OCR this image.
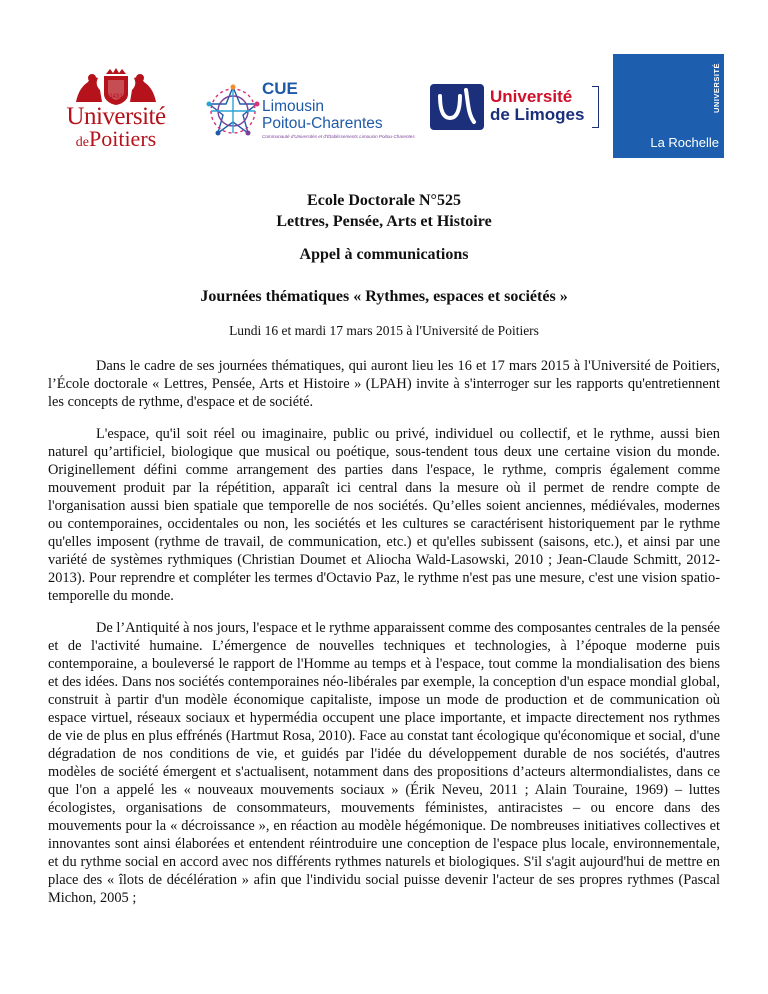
1431
Université
dePoitiers
CUE
Limousin
Poitou-Charentes
Communauté d'Universités et d'Établissements Limousin Poitou-Charentes
Université
de Limoges
UNIVERSITÉ
La Rochelle
Ecole Doctorale N°525
Lettres, Pensée, Arts et Histoire
Appel à communications
Journées thématiques « Rythmes, espaces et sociétés »
Lundi 16 et mardi 17 mars 2015 à l'Université de Poitiers

Dans le cadre de ses journées thématiques, qui auront lieu les 16 et 17 mars 2015 à l'Université de Poitiers, l’École doctorale « Lettres, Pensée, Arts et Histoire » (LPAH) invite à s'interroger sur les rapports qu'entretiennent les concepts de rythme, d'espace et de société.

L'espace, qu'il soit réel ou imaginaire, public ou privé, individuel ou collectif, et le rythme, aussi bien naturel qu’artificiel, biologique que musical ou poétique, sous-tendent tous deux une certaine vision du monde. Originellement défini comme arrangement des parties dans l'espace, le rythme, compris également comme mouvement produit par la répétition, apparaît ici central dans la mesure où il permet de rendre compte de l'organisation aussi bien spatiale que temporelle de nos sociétés. Qu’elles soient anciennes, médiévales, modernes ou contemporaines, occidentales ou non, les sociétés et les cultures se caractérisent historiquement par le rythme qu'elles imposent (rythme de travail, de communication, etc.) et qu'elles subissent (saisons, etc.), et ainsi par une variété de systèmes rythmiques (Christian Doumet et Aliocha Wald-Lasowski, 2010 ; Jean-Claude Schmitt, 2012-2013). Pour reprendre et compléter les termes d'Octavio Paz, le rythme n'est pas une mesure, c'est une vision spatio-temporelle du monde.

De l’Antiquité à nos jours, l'espace et le rythme apparaissent comme des composantes centrales de la pensée et de l'activité humaine. L’émergence de nouvelles techniques et technologies, à l’époque moderne puis contemporaine, a bouleversé le rapport de l'Homme au temps et à l'espace, tout comme la mondialisation des biens et des idées. Dans nos sociétés contemporaines néo-libérales par exemple, la conception d'un espace mondial global, construit à partir d'un modèle économique capitaliste, impose un mode de production et de communication où espace virtuel, réseaux sociaux et hypermédia occupent une place importante, et impacte directement nos rythmes de vie de plus en plus effrénés (Hartmut Rosa, 2010). Face au constat tant écologique qu'économique et social, d'une dégradation de nos conditions de vie, et guidés par l'idée du développement durable de nos sociétés, d'autres modèles de société émergent et s'actualisent, notamment dans des propositions d’acteurs altermondialistes, dans ce que l'on a appelé les « nouveaux mouvements sociaux » (Érik Neveu, 2011 ; Alain Touraine, 1969) – luttes écologistes, organisations de consommateurs, mouvements féministes, antiracistes – ou encore dans des mouvements pour la « décroissance », en réaction au modèle hégémonique. De nombreuses initiatives collectives et innovantes sont ainsi élaborées et entendent réintroduire une conception de l'espace plus locale, environnementale, et du rythme social en accord avec nos différents rythmes naturels et biologiques. S'il s'agit aujourd'hui de mettre en place des « îlots de décélération » afin que l'individu social puisse devenir l'acteur de ses propres rythmes (Pascal Michon, 2005 ;
